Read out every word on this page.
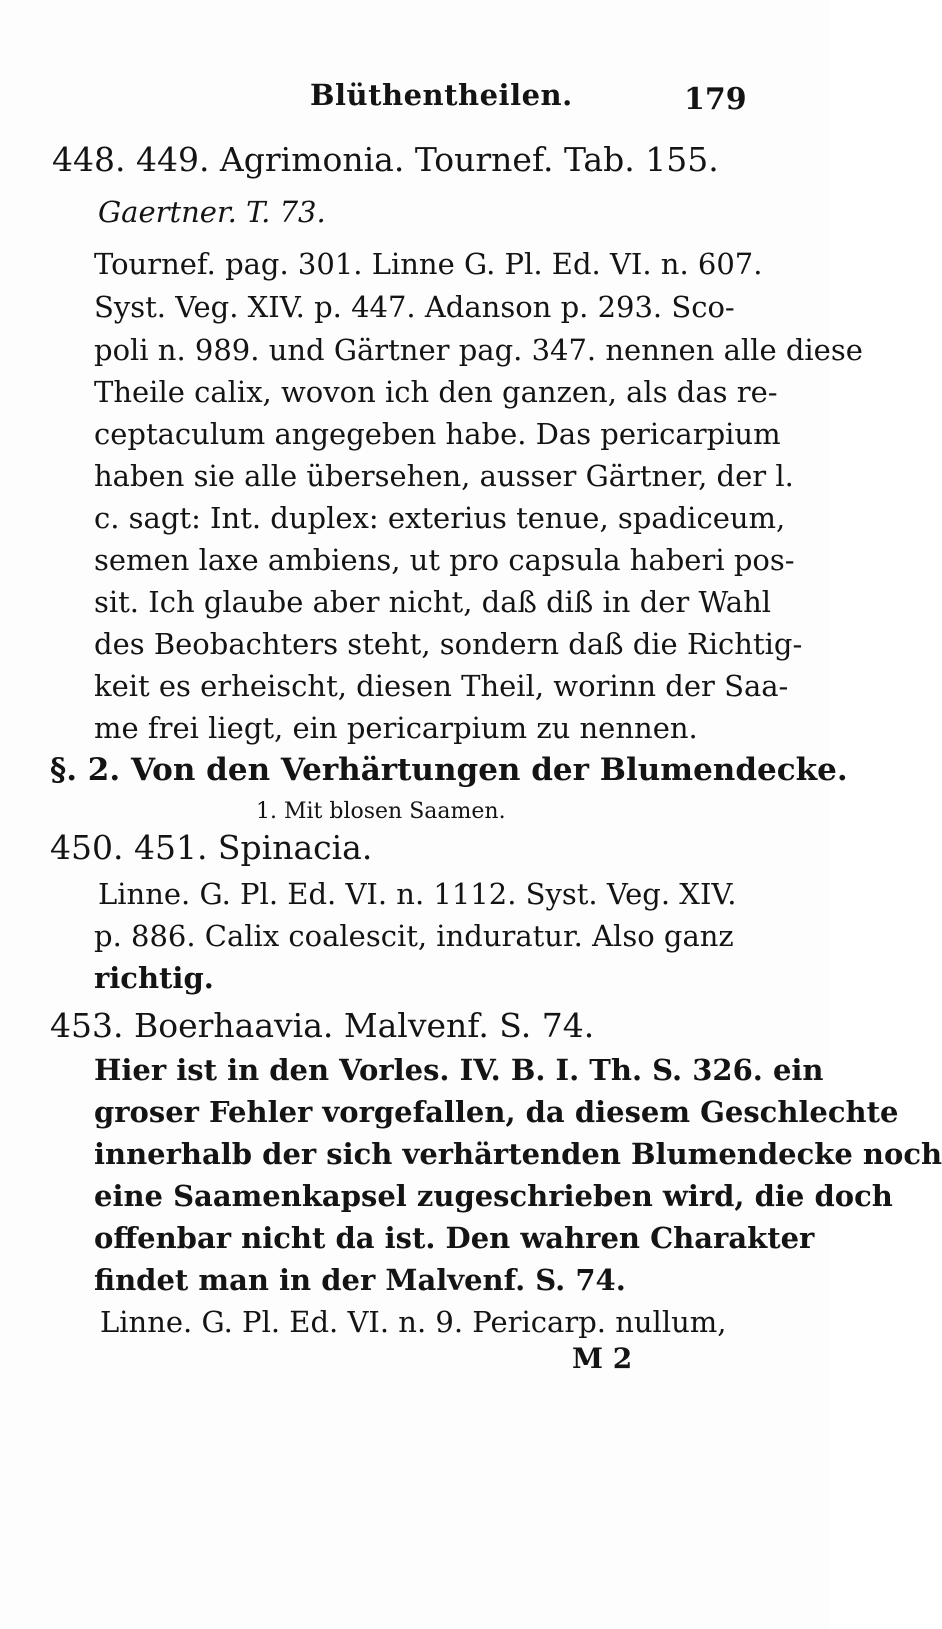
Blüthentheilen.	179
448. 449. Agrimonia. Tournef. Tab. 155.
Gaertner. T. 73.
Tournef. pag. 301. Linne G. Pl. Ed. VI. n. 607.
Syst. Veg. XIV. p. 447. Adanson p. 293. Sco-
poli n. 989. und Gärtner pag. 347. nennen alle diese
Theile calix, wovon ich den ganzen, als das re-
ceptaculum angegeben habe. Das pericarpium
haben sie alle übersehen, ausser Gärtner, der l.
c. sagt: Int. duplex: exterius tenue, spadiceum,
semen laxe ambiens, ut pro capsula haberi pos-
sit. Ich glaube aber nicht, daß diß in der Wahl
des Beobachters steht, sondern daß die Richtig-
keit es erheischt, diesen Theil, worinn der Saa-
me frei liegt, ein pericarpium zu nennen.
§. 2. Von den Verhärtungen der Blumendecke.
1. Mit blosen Saamen.
450. 451. Spinacia.
Linne. G. Pl. Ed. VI. n. 1112. Syst. Veg. XIV.
p. 886. Calix coalescit, induratur. Also ganz
richtig.
453. Boerhaavia. Malvenf. S. 74.
Hier ist in den Vorles. IV. B. I. Th. S. 326. ein
groser Fehler vorgefallen, da diesem Geschlechte
innerhalb der sich verhärtenden Blumendecke noch
eine Saamenkapsel zugeschrieben wird, die doch
offenbar nicht da ist. Den wahren Charakter
findet man in der Malvenf. S. 74.
Linne. G. Pl. Ed. VI. n. 9. Pericarp. nullum,
M 2
